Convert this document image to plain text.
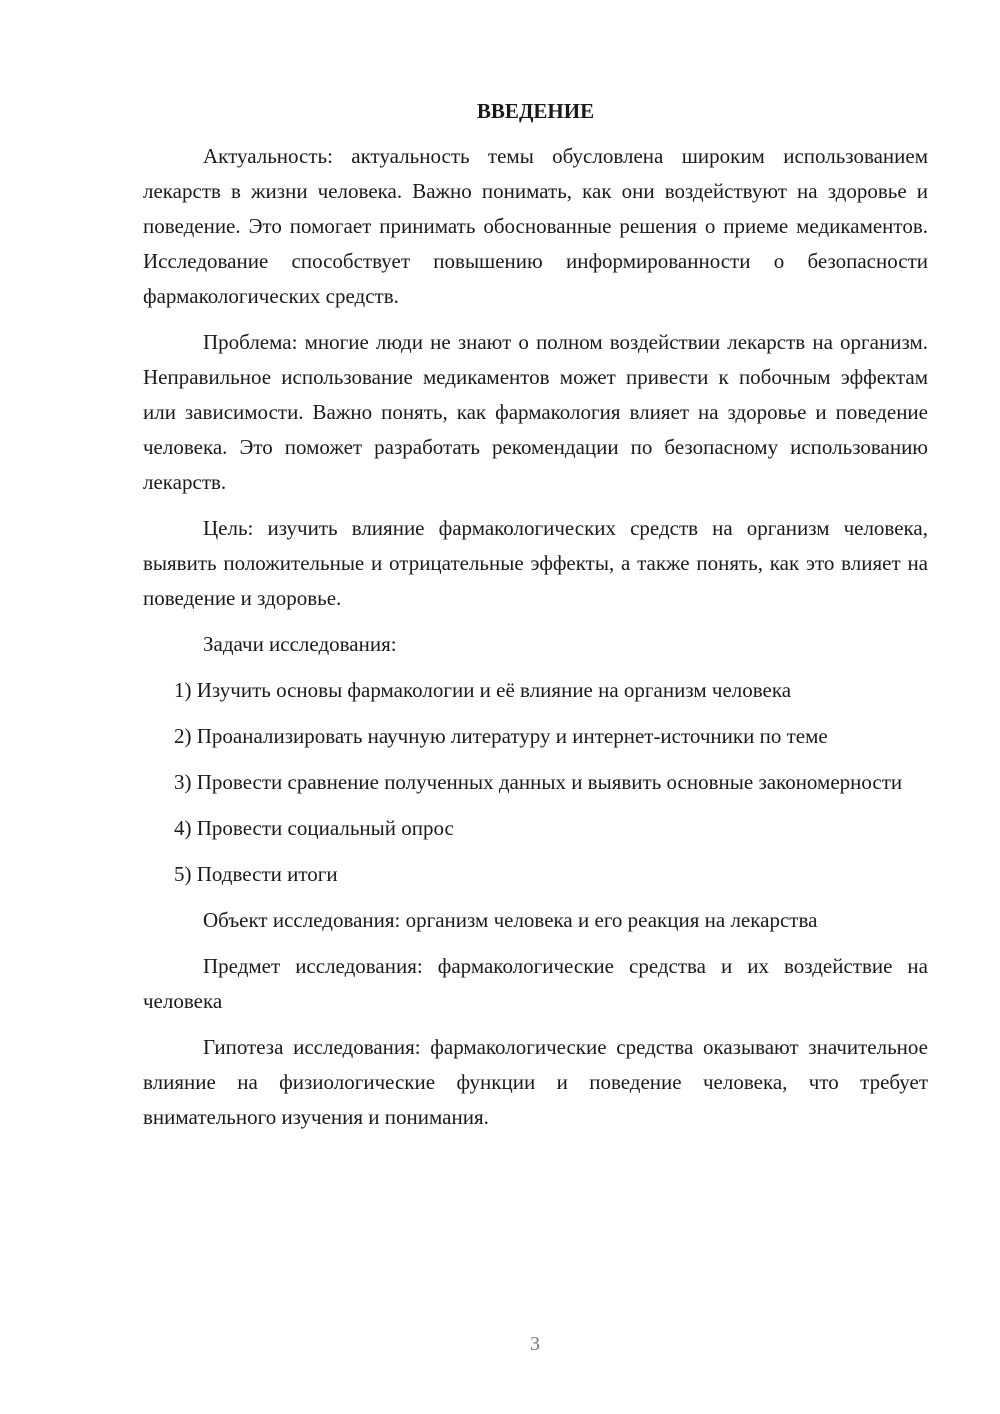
ВВЕДЕНИЕ

Актуальность: актуальность темы обусловлена широким использованием лекарств в жизни человека. Важно понимать, как они воздействуют на здоровье и поведение. Это помогает принимать обоснованные решения о приеме медикаментов. Исследование способствует повышению информированности о безопасности фармакологических средств.

Проблема: многие люди не знают о полном воздействии лекарств на организм. Неправильное использование медикаментов может привести к побочным эффектам или зависимости. Важно понять, как фармакология влияет на здоровье и поведение человека. Это поможет разработать рекомендации по безопасному использованию лекарств.

Цель: изучить влияние фармакологических средств на организм человека, выявить положительные и отрицательные эффекты, а также понять, как это влияет на поведение и здоровье.

Задачи исследования:

1) Изучить основы фармакологии и её влияние на организм человека

2) Проанализировать научную литературу и интернет-источники по теме

3) Провести сравнение полученных данных и выявить основные закономерности

4) Провести социальный опрос

5) Подвести итоги

Объект исследования: организм человека и его реакция на лекарства

Предмет исследования: фармакологические средства и их воздействие на человека

Гипотеза исследования: фармакологические средства оказывают значительное влияние на физиологические функции и поведение человека, что требует внимательного изучения и понимания.

3
